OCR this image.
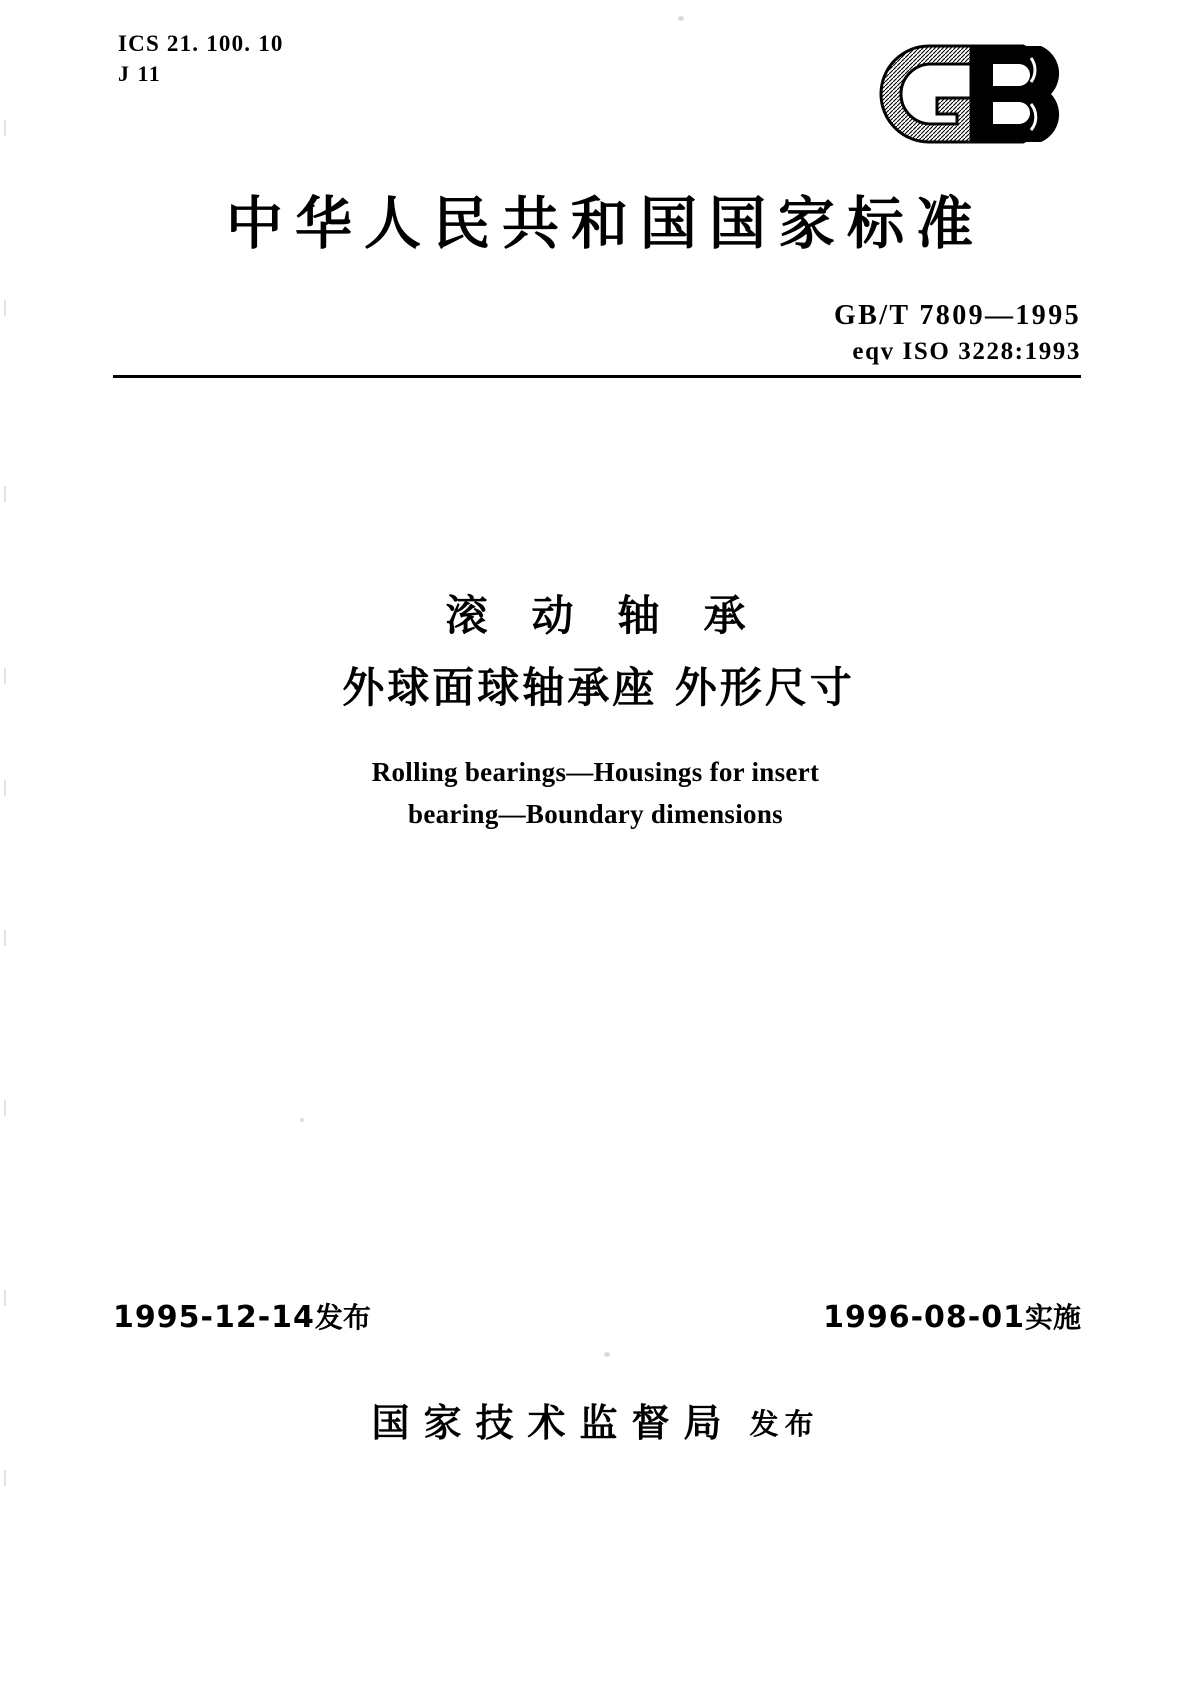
ICS 21. 100. 10
J 11
中华人民共和国国家标准
GB/T 7809—1995
eqv ISO 3228:1993
滚动轴承
外球面球轴承座 外形尺寸
Rolling bearings—Housings for insert
bearing—Boundary dimensions
1995-12-14发布	1996-08-01实施
国家技术监督局 发布
